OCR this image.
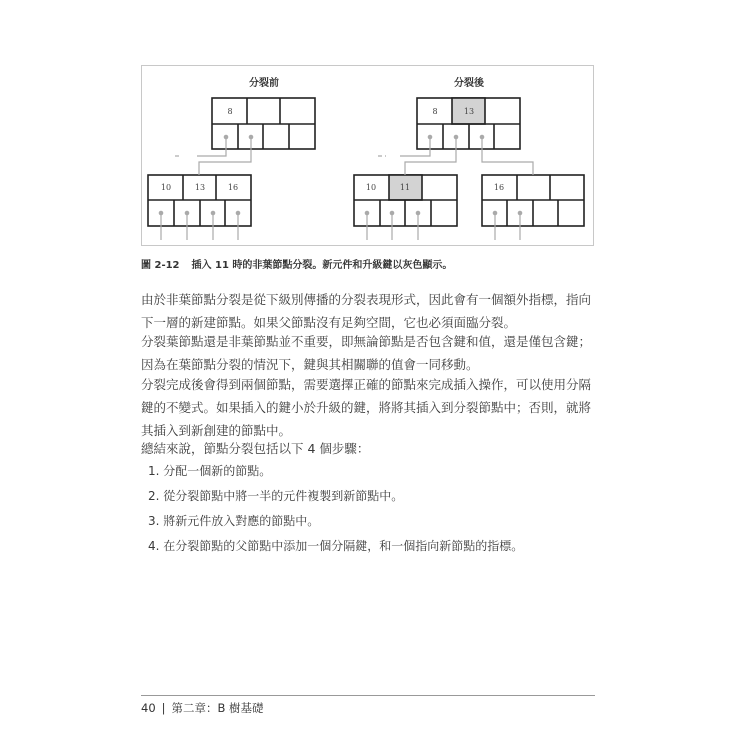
8
10	13	16
8	13
10	11	16
分裂前	分裂後
圖 2-12 插入 11 時的非葉節點分裂。新元件和升級鍵以灰色顯示。
由於非葉節點分裂是從下級別傳播的分裂表現形式，因此會有一個額外指標，指向下一層的新建節點。如果父節點沒有足夠空間，它也必須面臨分裂。
分裂葉節點還是非葉節點並不重要，即無論節點是否包含鍵和值，還是僅包含鍵；因為在葉節點分裂的情況下，鍵與其相關聯的值會一同移動。
分裂完成後會得到兩個節點，需要選擇正確的節點來完成插入操作，可以使用分隔鍵的不變式。如果插入的鍵小於升級的鍵，將將其插入到分裂節點中；否則，就將其插入到新創建的節點中。
總結來說，節點分裂包括以下 4 個步驟：
1. 分配一個新的節點。
2. 從分裂節點中將一半的元件複製到新節點中。
3. 將新元件放入對應的節點中。
4. 在分裂節點的父節點中添加一個分隔鍵，和一個指向新節點的指標。
40 | 第二章：B 樹基礎
